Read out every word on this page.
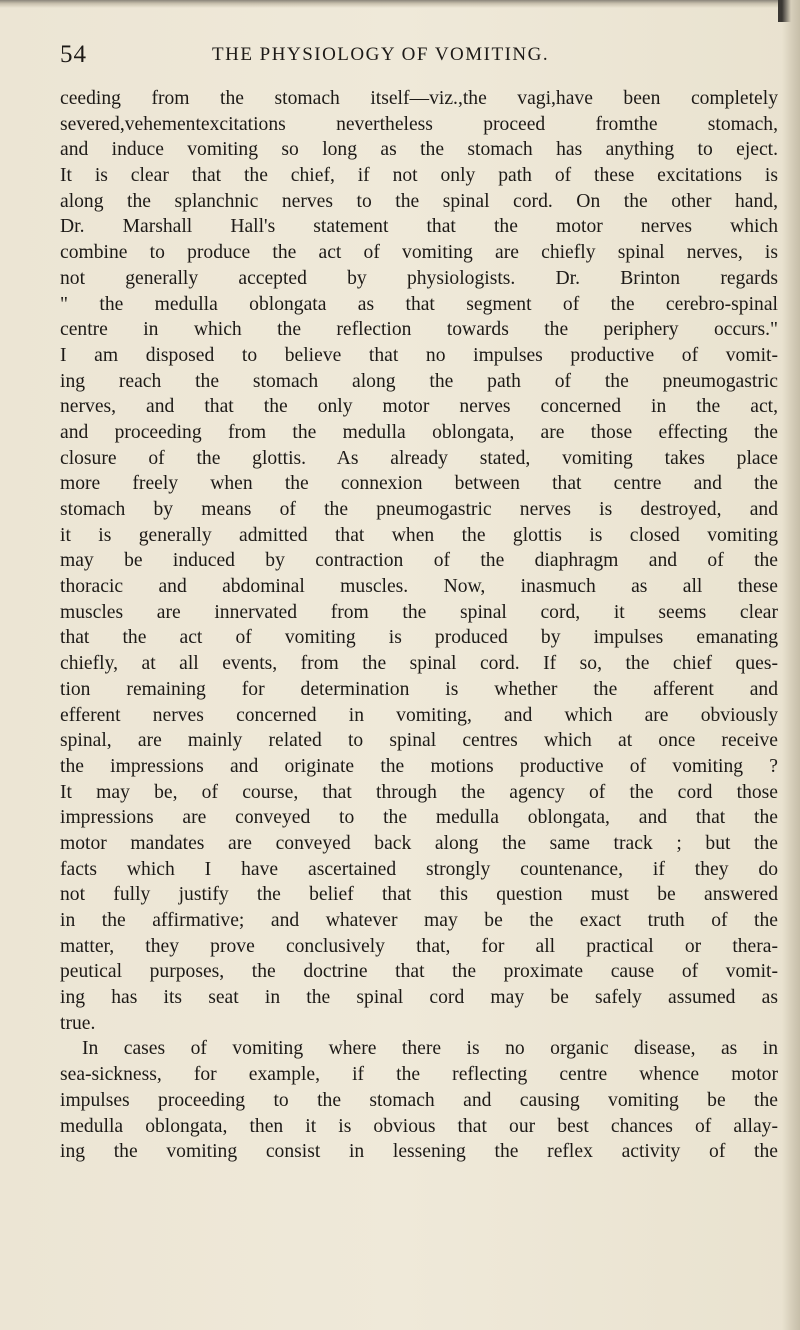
54	THE PHYSIOLOGY OF VOMITING.
ceeding from the stomach itself—viz.,the vagi,have been completely
severed,vehementexcitations nevertheless proceed fromthe stomach,
and induce vomiting so long as the stomach has anything to eject.
It is clear that the chief, if not only path of these excitations is
along the splanchnic nerves to the spinal cord. On the other hand,
Dr. Marshall Hall's statement that the motor nerves which
combine to produce the act of vomiting are chiefly spinal nerves, is
not generally accepted by physiologists. Dr. Brinton regards
" the medulla oblongata as that segment of the cerebro-spinal
centre in which the reflection towards the periphery occurs."
I am disposed to believe that no impulses productive of vomit-
ing reach the stomach along the path of the pneumogastric
nerves, and that the only motor nerves concerned in the act,
and proceeding from the medulla oblongata, are those effecting the
closure of the glottis. As already stated, vomiting takes place
more freely when the connexion between that centre and the
stomach by means of the pneumogastric nerves is destroyed, and
it is generally admitted that when the glottis is closed vomiting
may be induced by contraction of the diaphragm and of the
thoracic and abdominal muscles. Now, inasmuch as all these
muscles are innervated from the spinal cord, it seems clear
that the act of vomiting is produced by impulses emanating
chiefly, at all events, from the spinal cord. If so, the chief ques-
tion remaining for determination is whether the afferent and
efferent nerves concerned in vomiting, and which are obviously
spinal, are mainly related to spinal centres which at once receive
the impressions and originate the motions productive of vomiting ?
It may be, of course, that through the agency of the cord those
impressions are conveyed to the medulla oblongata, and that the
motor mandates are conveyed back along the same track ; but the
facts which I have ascertained strongly countenance, if they do
not fully justify the belief that this question must be answered
in the affirmative; and whatever may be the exact truth of the
matter, they prove conclusively that, for all practical or thera-
peutical purposes, the doctrine that the proximate cause of vomit-
ing has its seat in the spinal cord may be safely assumed as
true.
In cases of vomiting where there is no organic disease, as in
sea-sickness, for example, if the reflecting centre whence motor
impulses proceeding to the stomach and causing vomiting be the
medulla oblongata, then it is obvious that our best chances of allay-
ing the vomiting consist in lessening the reflex activity of the
